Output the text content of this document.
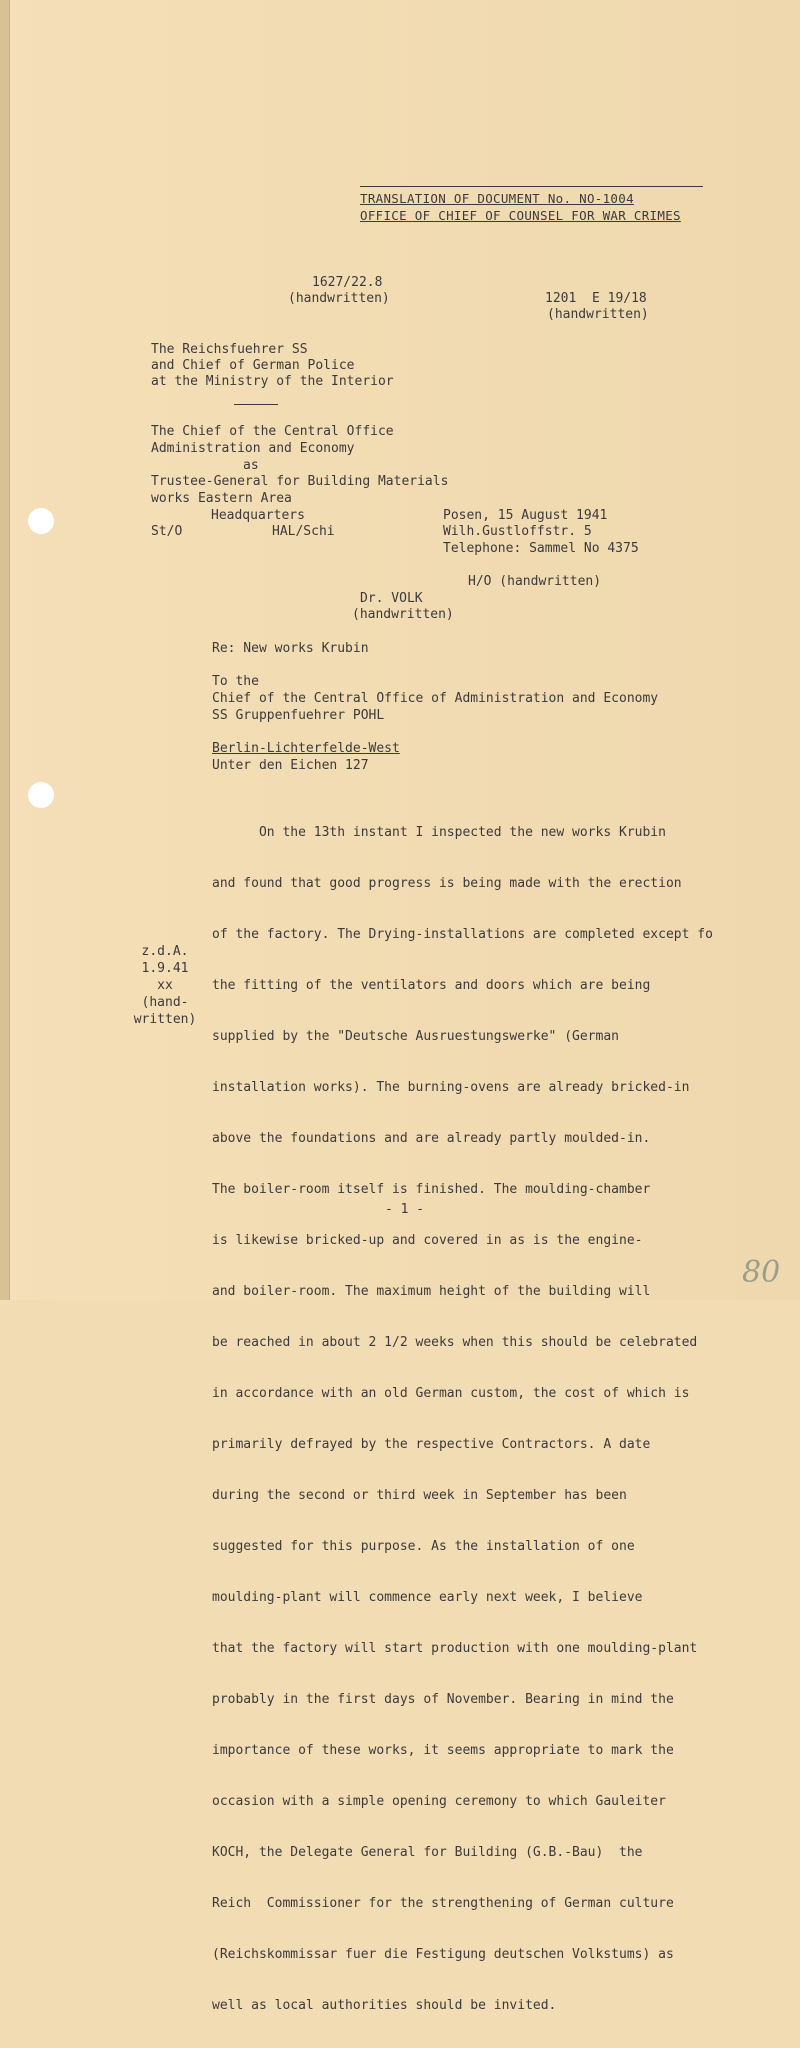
TRANSLATION OF DOCUMENT No. NO-1004
OFFICE OF CHIEF OF COUNSEL FOR WAR CRIMES
1627/22.8
(handwritten)	1201  E 19/18
(handwritten)
The Reichsfuehrer SS
and Chief of German Police
at the Ministry of the Interior
The Chief of the Central Office
Administration and Economy
as
Trustee-General for Building Materials
works Eastern Area
Headquarters
St/O	HAL/Schi
Posen, 15 August 1941
Wilh.Gustloffstr. 5
Telephone: Sammel No 4375
H/O (handwritten)
Dr. VOLK
(handwritten)
Re: New works Krubin
To the
Chief of the Central Office of Administration and Economy
SS Gruppenfuehrer POHL
Berlin-Lichterfelde-West
Unter den Eichen 127

On the 13th instant I inspected the new works Krubin

and found that good progress is being made with the erection

of the factory. The Drying-installations are completed except fo

the fitting of the ventilators and doors which are being

supplied by the "Deutsche Ausruestungswerke" (German

installation works). The burning-ovens are already bricked-in

above the foundations and are already partly moulded-in.

The boiler-room itself is finished. The moulding-chamber

is likewise bricked-up and covered in as is the engine-

and boiler-room. The maximum height of the building will

be reached in about 2 1/2 weeks when this should be celebrated

in accordance with an old German custom, the cost of which is

primarily defrayed by the respective Contractors. A date

during the second or third week in September has been

suggested for this purpose. As the installation of one

moulding-plant will commence early next week, I believe

that the factory will start production with one moulding-plant

probably in the first days of November. Bearing in mind the

importance of these works, it seems appropriate to mark the

occasion with a simple opening ceremony to which Gauleiter

KOCH, the Delegate General for Building (G.B.-Bau)  the

Reich  Commissioner for the strengthening of German culture

(Reichskommissar fuer die Festigung deutschen Volkstums) as

well as local authorities should be invited.

z.d.A.
1.9.41
xx
(hand-
written)
- 1 -
80
